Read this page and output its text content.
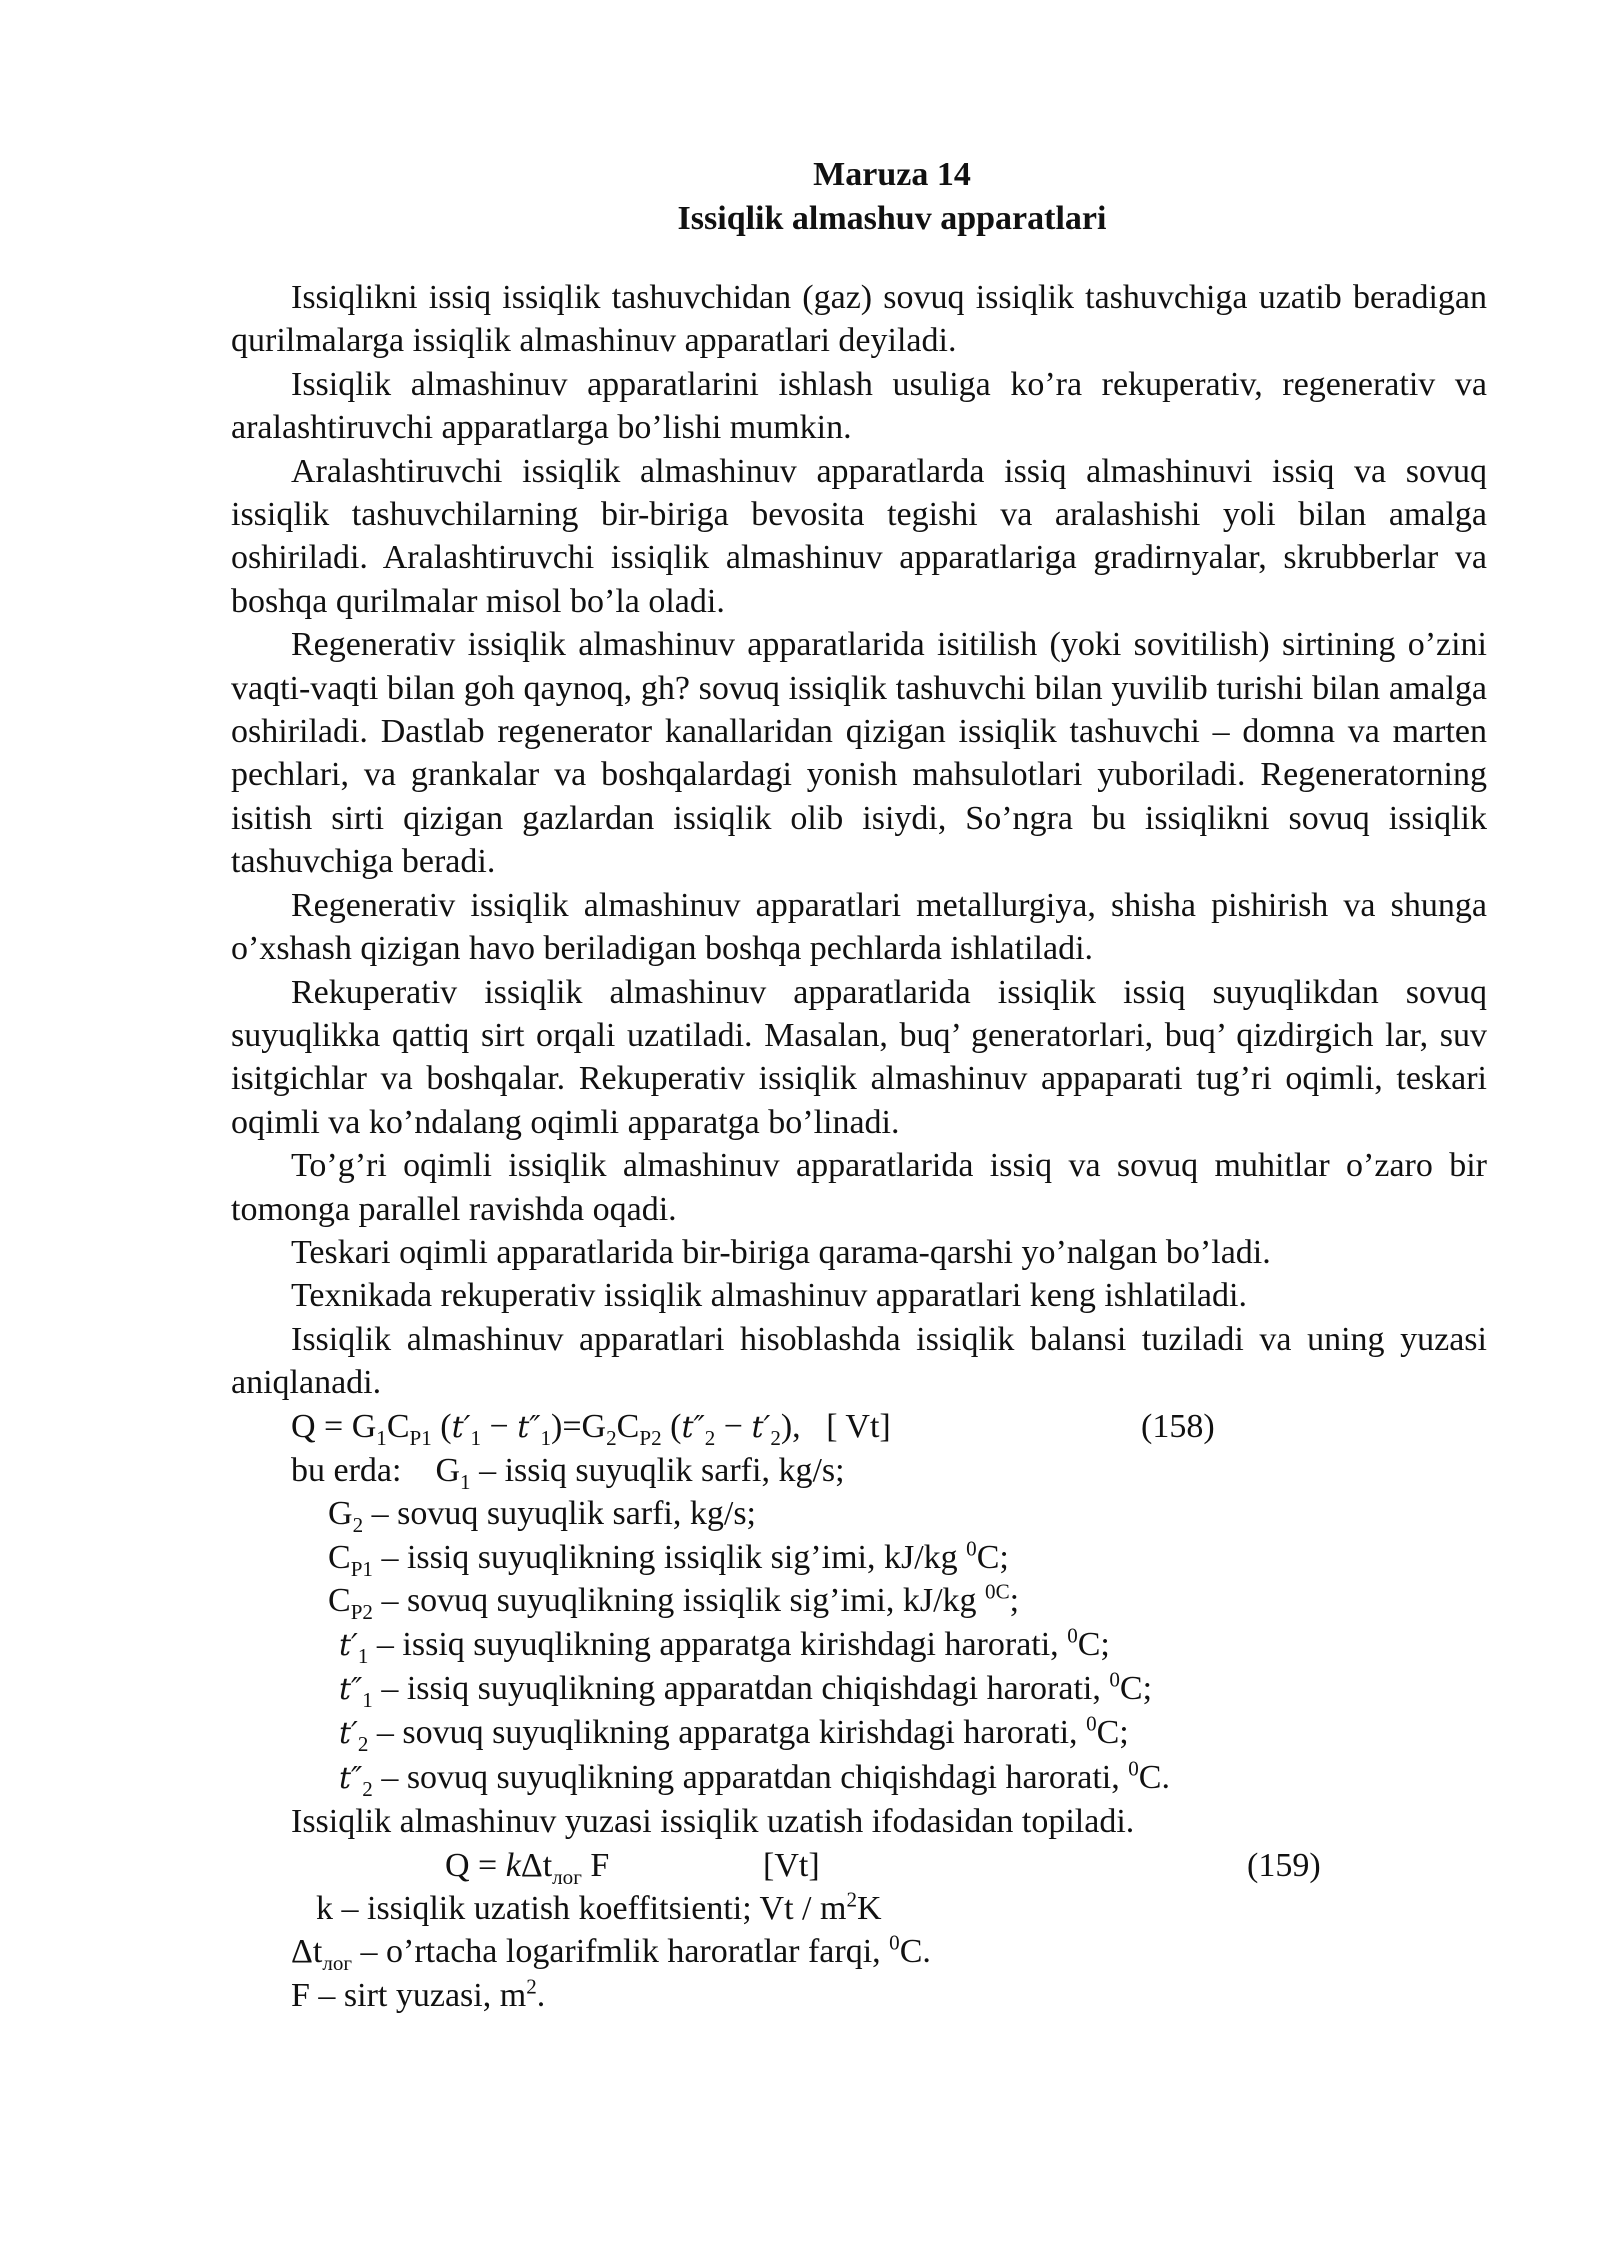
Maruza 14
Issiqlik almashuv apparatlari

Issiqlikni issiq issiqlik tashuvchidan (gaz) sovuq issiqlik tashuvchiga uzatib beradigan qurilmalarga issiqlik almashinuv apparatlari deyiladi.

Issiqlik almashinuv apparatlarini ishlash usuliga ko’ra rekuperativ, regenerativ va aralashtiruvchi apparatlarga bo’lishi mumkin.

Aralashtiruvchi issiqlik almashinuv apparatlarda issiq almashinuvi issiq va sovuq issiqlik tashuvchilarning bir-biriga bevosita tegishi va aralashishi yoli bilan amalga oshiriladi. Aralashtiruvchi issiqlik almashinuv apparatlariga gradirnyalar, skrubberlar va boshqa qurilmalar misol bo’la oladi.

Regenerativ issiqlik almashinuv apparatlarida isitilish (yoki sovitilish) sirtining o’zini vaqti-vaqti bilan goh qaynoq, gh? sovuq issiqlik tashuvchi bilan yuvilib turishi bilan amalga oshiriladi. Dastlab regenerator kanallaridan qizigan issiqlik tashuvchi – domna va marten pechlari, va grankalar va boshqalardagi yonish mahsulotlari yuboriladi. Regeneratorning isitish sirti qizigan gazlardan issiqlik olib isiydi, So’ngra bu issiqlikni sovuq issiqlik tashuvchiga beradi.

Regenerativ issiqlik almashinuv apparatlari metallurgiya, shisha pishirish va shunga o’xshash qizigan havo beriladigan boshqa pechlarda ishlatiladi.

Rekuperativ issiqlik almashinuv apparatlarida issiqlik issiq suyuqlikdan sovuq suyuqlikka qattiq sirt orqali uzatiladi. Masalan, buq’ generatorlari, buq’ qizdirgich lar, suv isitgichlar va boshqalar. Rekuperativ issiqlik almashinuv appaparati tug’ri oqimli, teskari oqimli va ko’ndalang oqimli apparatga bo’linadi.

To’g’ri oqimli issiqlik almashinuv apparatlarida issiq va sovuq muhitlar o’zaro bir tomonga parallel ravishda oqadi.

Teskari oqimli apparatlarida bir-biriga qarama-qarshi yo’nalgan bo’ladi.

Texnikada rekuperativ issiqlik almashinuv apparatlari keng ishlatiladi.

Issiqlik almashinuv apparatlari hisoblashda issiqlik balansi tuziladi va uning yuzasi aniqlanadi.

$Q = G_1C_{P1}$ $(t'_1 - t''_1)=G_2C_{P2}$ $(t''_2 - t'_2)$, [ Vt]	(158)
bu erda: $G_1$ – issiq suyuqlik sarfi, kg/s;
$G_2$ – sovuq suyuqlik sarfi, kg/s;
$C_{P1}$ – issiq suyuqlikning issiqlik sig’imi, kJ/kg $^0$C;
$C_{P2}$ – sovuq suyuqlikning issiqlik sig’imi, kJ/kg $^{0C}$;
$t'_1$ – issiq suyuqlikning apparatga kirishdagi harorati, $^0$C;
$t''_1$ – issiq suyuqlikning apparatdan chiqishdagi harorati, $^0$C;
$t'_2$ – sovuq suyuqlikning apparatga kirishdagi harorati, $^0$C;
$t''_2$ – sovuq suyuqlikning apparatdan chiqishdagi harorati, $^0$C.
Issiqlik almashinuv yuzasi issiqlik uzatish ifodasidan topiladi.
Q = kΔt$_{лог}$ F	[Vt]	(159)
k – issiqlik uzatish koeffitsienti; Vt / $m^2K$
$\Delta t_{лог}$ – o’rtacha logarifmlik haroratlar farqi, $^0$C.
F – sirt yuzasi, $m^2$.
